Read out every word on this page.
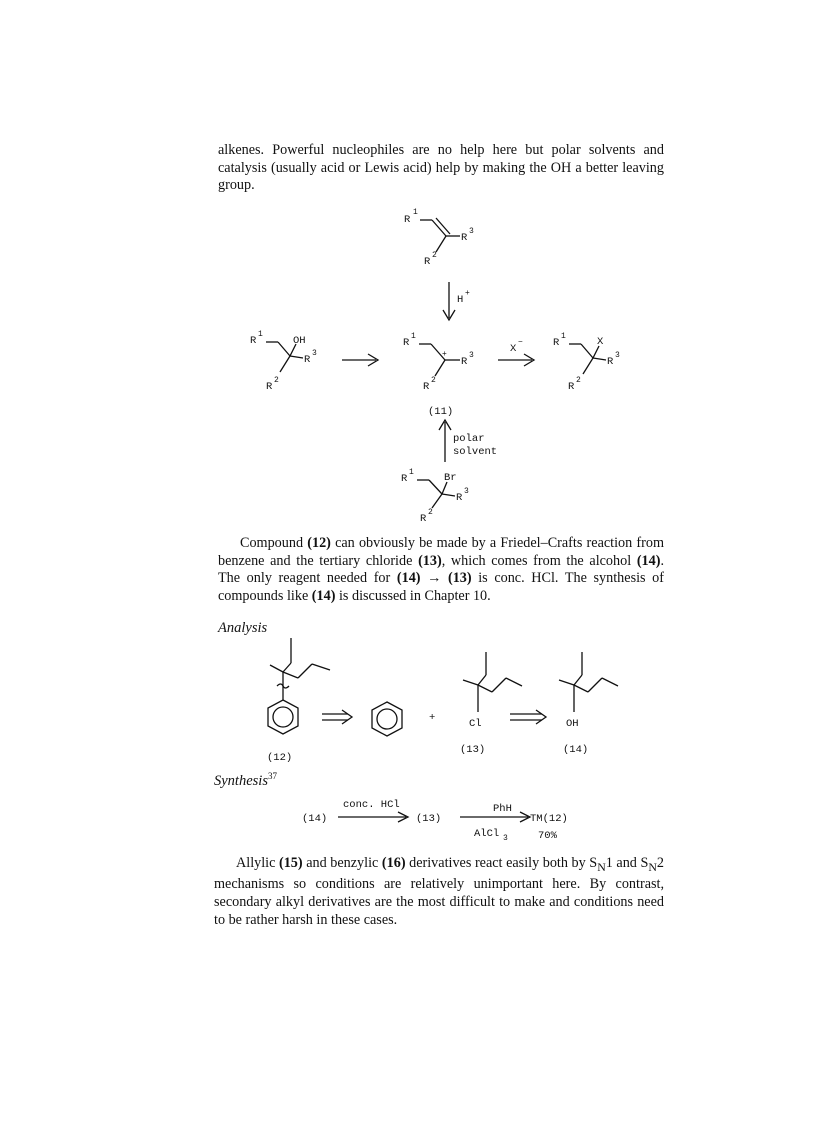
alkenes. Powerful nucleophiles are no help here but polar solvents and catalysis (usually acid or Lewis acid) help by making the OH a better leaving group.

R
1
R
3
R
2
H
+
R
1
OH
R
3
R
2
R
1
+
R
3
R
2
(11)
X
−	R
1	X
R
3
R
2
polar
solvent
R
1	Br
R
3
R
2

Compound (12) can obviously be made by a Friedel–Crafts reaction from benzene and the tertiary chloride (13), which comes from the alcohol (14). The only reagent needed for (14) → (13) is conc. HCl. The synthesis of compounds like (14) is discussed in Chapter 10.

Analysis

(12)
+	Cl
(13)
OH
(14)

Synthesis$^{37}$

(14)
conc. HCl
(13)
PhH
TM(12)
AlCl 3	70%

Allylic (15) and benzylic (16) derivatives react easily both by $S_N1$ and $S_N2$ mechanisms so conditions are relatively unimportant here. By contrast, secondary alkyl derivatives are the most difficult to make and conditions need to be rather harsh in these cases.
